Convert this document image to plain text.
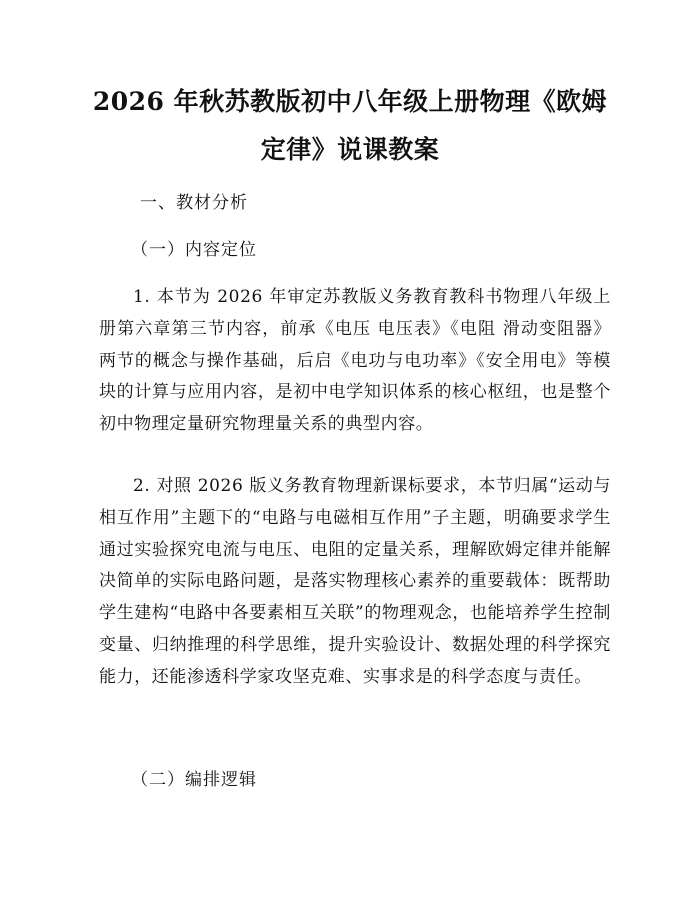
2026 年秋苏教版初中八年级上册物理《欧姆
定律》说课教案
一、教材分析
（一）内容定位
1. 本节为 2026 年审定苏教版义务教育教科书物理八年级上册第六章第三节内容，前承《电压 电压表》《电阻 滑动变阻器》两节的概念与操作基础，后启《电功与电功率》《安全用电》等模块的计算与应用内容，是初中电学知识体系的核心枢纽，也是整个初中物理定量研究物理量关系的典型内容。
2. 对照 2026 版义务教育物理新课标要求，本节归属“运动与相互作用”主题下的“电路与电磁相互作用”子主题，明确要求学生通过实验探究电流与电压、电阻的定量关系，理解欧姆定律并能解决简单的实际电路问题，是落实物理核心素养的重要载体：既帮助学生建构“电路中各要素相互关联”的物理观念，也能培养学生控制变量、归纳推理的科学思维，提升实验设计、数据处理的科学探究能力，还能渗透科学家攻坚克难、实事求是的科学态度与责任。
（二）编排逻辑
